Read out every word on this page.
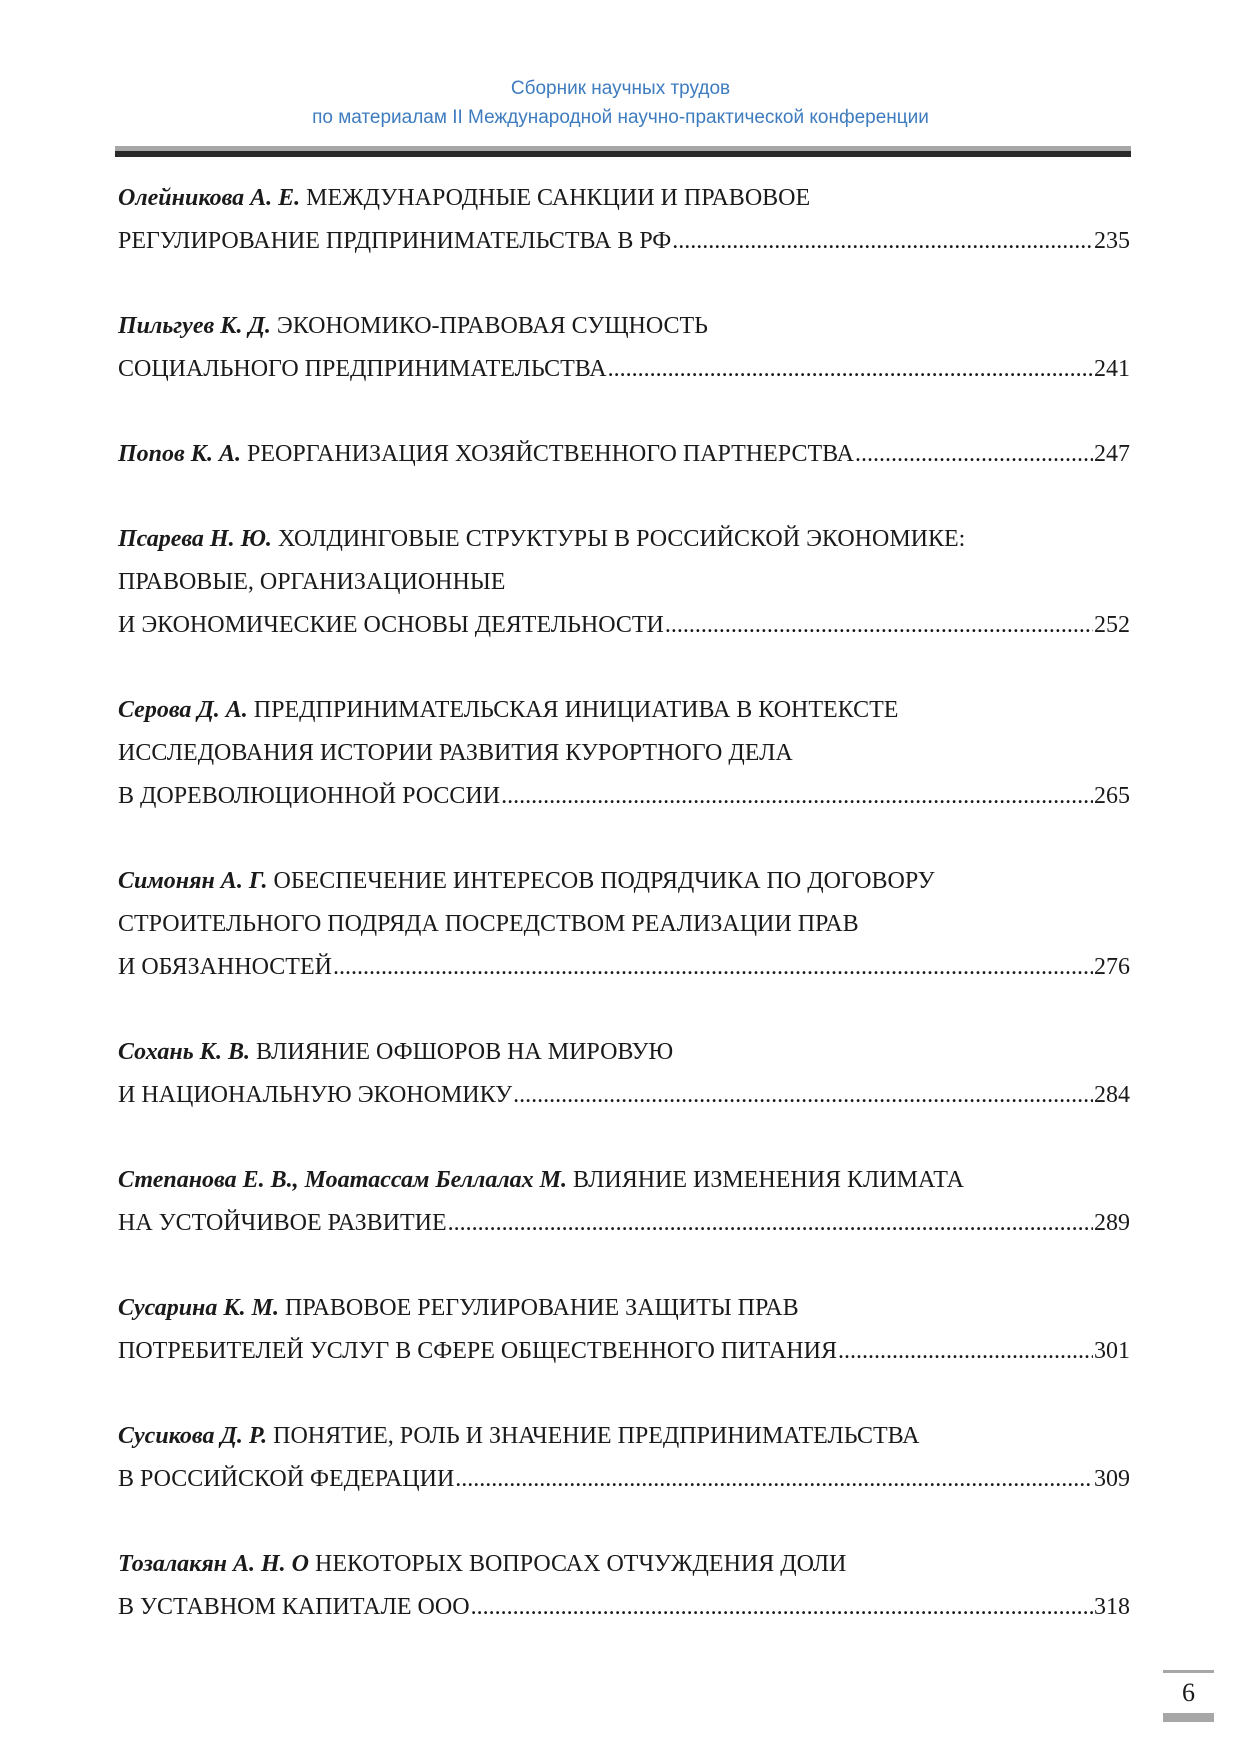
Сборник научных трудов
по материалам II Международной научно-практической конференции
Олейникова А. Е. МЕЖДУНАРОДНЫЕ САНКЦИИ И ПРАВОВОЕ
РЕГУЛИРОВАНИЕ ПРДПРИНИМАТЕЛЬСТВА В РФ .....	235
Пильгуев К. Д. ЭКОНОМИКО-ПРАВОВАЯ СУЩНОСТЬ
СОЦИАЛЬНОГО ПРЕДПРИНИМАТЕЛЬСТВА .....	241
Попов К. А. РЕОРГАНИЗАЦИЯ ХОЗЯЙСТВЕННОГО ПАРТНЕРСТВА .....	247
Псарева Н. Ю. ХОЛДИНГОВЫЕ СТРУКТУРЫ В РОССИЙСКОЙ ЭКОНОМИКЕ:
ПРАВОВЫЕ, ОРГАНИЗАЦИОННЫЕ
И ЭКОНОМИЧЕСКИЕ ОСНОВЫ ДЕЯТЕЛЬНОСТИ .....	252
Серова Д. А. ПРЕДПРИНИМАТЕЛЬСКАЯ ИНИЦИАТИВА В КОНТЕКСТЕ
ИССЛЕДОВАНИЯ ИСТОРИИ РАЗВИТИЯ КУРОРТНОГО ДЕЛА
В ДОРЕВОЛЮЦИОННОЙ РОССИИ .....	265
Симонян А. Г. ОБЕСПЕЧЕНИЕ ИНТЕРЕСОВ ПОДРЯДЧИКА ПО ДОГОВОРУ
СТРОИТЕЛЬНОГО ПОДРЯДА ПОСРЕДСТВОМ РЕАЛИЗАЦИИ ПРАВ
И ОБЯЗАННОСТЕЙ .....	276
Сохань К. В. ВЛИЯНИЕ ОФШОРОВ НА МИРОВУЮ
И НАЦИОНАЛЬНУЮ ЭКОНОМИКУ .....	284
Степанова Е. В., Моатассам Беллалах М. ВЛИЯНИЕ ИЗМЕНЕНИЯ КЛИМАТА
НА УСТОЙЧИВОЕ РАЗВИТИЕ .....	289
Сусарина К. М. ПРАВОВОЕ РЕГУЛИРОВАНИЕ ЗАЩИТЫ ПРАВ
ПОТРЕБИТЕЛЕЙ УСЛУГ В СФЕРЕ ОБЩЕСТВЕННОГО ПИТАНИЯ .....	301
Сусикова Д. Р. ПОНЯТИЕ, РОЛЬ И ЗНАЧЕНИЕ ПРЕДПРИНИМАТЕЛЬСТВА
В РОССИЙСКОЙ ФЕДЕРАЦИИ .....	309
Тозалакян А. Н. О НЕКОТОРЫХ ВОПРОСАХ ОТЧУЖДЕНИЯ ДОЛИ
В УСТАВНОМ КАПИТАЛЕ ООО .....	318
6
